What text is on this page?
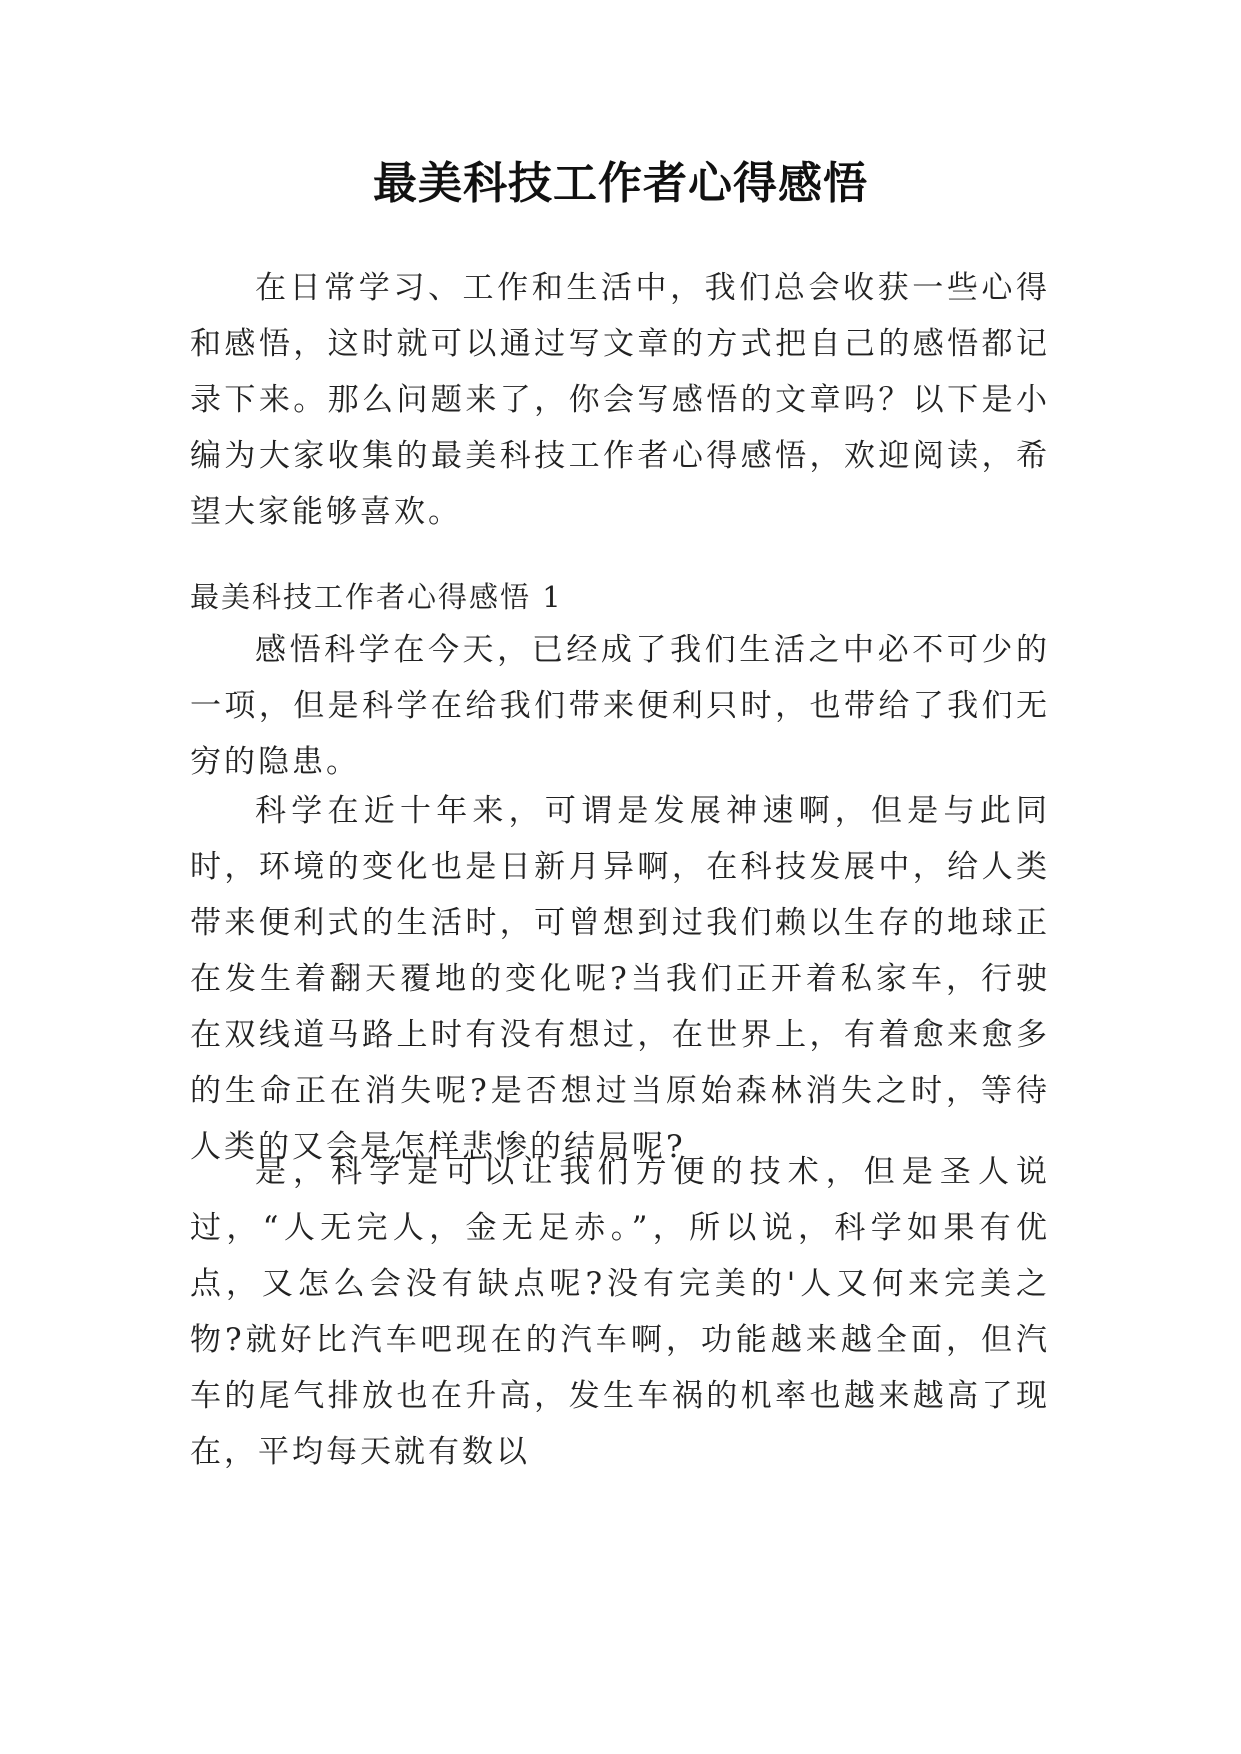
最美科技工作者心得感悟

在日常学习、工作和生活中，我们总会收获一些心得和感悟，这时就可以通过写文章的方式把自己的感悟都记录下来。那么问题来了，你会写感悟的文章吗？以下是小编为大家收集的最美科技工作者心得感悟，欢迎阅读，希望大家能够喜欢。

最美科技工作者心得感悟 1

感悟科学在今天，已经成了我们生活之中必不可少的一项，但是科学在给我们带来便利只时，也带给了我们无穷的隐患。

科学在近十年来，可谓是发展神速啊，但是与此同时，环境的变化也是日新月异啊，在科技发展中，给人类带来便利式的生活时，可曾想到过我们赖以生存的地球正在发生着翻天覆地的变化呢?当我们正开着私家车，行驶在双线道马路上时有没有想过，在世界上，有着愈来愈多的生命正在消失呢?是否想过当原始森林消失之时，等待人类的又会是怎样悲惨的结局呢?

是，科学是可以让我们方便的技术，但是圣人说过，“人无完人，金无足赤。”，所以说，科学如果有优点，又怎么会没有缺点呢?没有完美的'人又何来完美之物?就好比汽车吧现在的汽车啊，功能越来越全面，但汽车的尾气排放也在升高，发生车祸的机率也越来越高了现在，平均每天就有数以
